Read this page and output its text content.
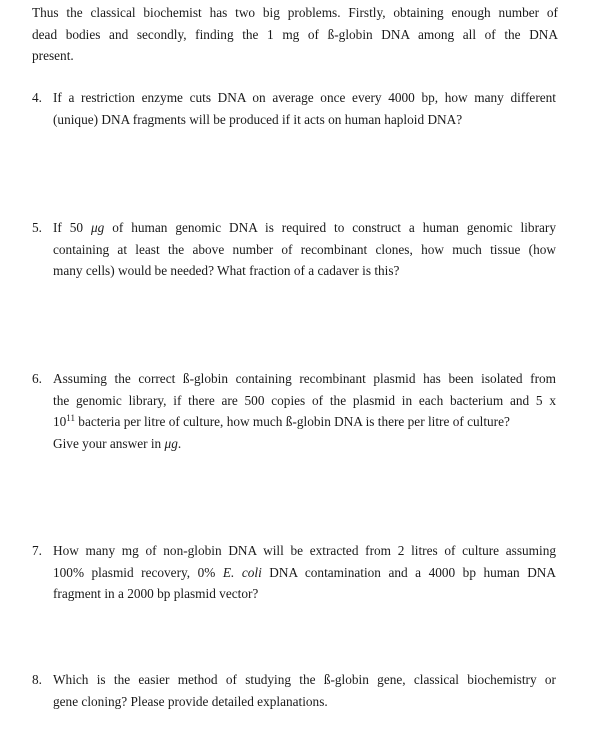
Thus the classical biochemist has two big problems. Firstly, obtaining enough number of
dead bodies and secondly, finding the 1 mg of ß-globin DNA among all of the DNA
present.
4. If a restriction enzyme cuts DNA on average once every 4000 bp, how many different
(unique) DNA fragments will be produced if it acts on human haploid DNA?
5. If 50 μg of human genomic DNA is required to construct a human genomic library
containing at least the above number of recombinant clones, how much tissue (how
many cells) would be needed? What fraction of a cadaver is this?
6. Assuming the correct ß-globin containing recombinant plasmid has been isolated from
the genomic library, if there are 500 copies of the plasmid in each bacterium and 5 x
$10^{11}$ bacteria per litre of culture, how much ß-globin DNA is there per litre of culture?
Give your answer in μg.
7. How many mg of non-globin DNA will be extracted from 2 litres of culture assuming
100% plasmid recovery, 0% E. coli DNA contamination and a 4000 bp human DNA
fragment in a 2000 bp plasmid vector?
8. Which is the easier method of studying the ß-globin gene, classical biochemistry or
gene cloning? Please provide detailed explanations.
